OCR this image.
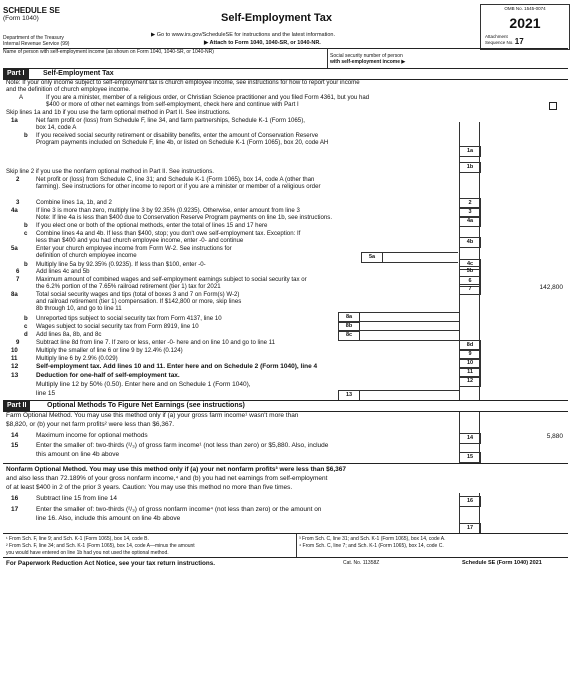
SCHEDULE SE
(Form 1040)
Department of the Treasury
Internal Revenue Service (99)
Self-Employment Tax
▶ Go to www.irs.gov/ScheduleSE for instructions and the latest information.
▶ Attach to Form 1040, 1040-SR, or 1040-NR.
OMB No. 1545-0074
2021
Attachment
Sequence No. 17
Name of person with self-employment income (as shown on Form 1040, 1040-SR, or 1040-NR)
Social security number of person
with self-employment income ▶
Part I	Self-Employment Tax
Note: If your only income subject to self-employment tax is church employee income, see instructions for how to report your income
and the definition of church employee income.
A	If you are a minister, member of a religious order, or Christian Science practitioner and you filed Form 4361, but you had
$400 or more of other net earnings from self-employment, check here and continue with Part I
Skip lines 1a and 1b if you use the farm optional method in Part II. See instructions.
1a	Net farm profit or (loss) from Schedule F, line 34, and farm partnerships, Schedule K-1 (Form 1065),
box 14, code A
1a
b If you received social security retirement or disability benefits, enter the amount of Conservation Reserve
Program payments included on Schedule F, line 4b, or listed on Schedule K-1 (Form 1065), box 20, code AH
1b
Skip line 2 if you use the nonfarm optional method in Part II. See instructions.
2	Net profit or (loss) from Schedule C, line 31; and Schedule K-1 (Form 1065), box 14, code A (other than
farming). See instructions for other income to report or if you are a minister or member of a religious order
2
3	Combine lines 1a, 1b, and 2
3
4a	If line 3 is more than zero, multiply line 3 by 92.35% (0.9235). Otherwise, enter amount from line 3
Note: If line 4a is less than $400 due to Conservation Reserve Program payments on line 1b, see instructions.	4a
b If you elect one or both of the optional methods, enter the total of lines 15 and 17 here
4b
c Combine lines 4a and 4b. If less than $400, stop; you don't owe self-employment tax. Exception: If
less than $400 and you had church employee income, enter -0- and continue
4c
5a	Enter your church employee income from Form W-2. See instructions for
definition of church employee income	5a
b Multiply line 5a by 92.35% (0.9235). If less than $100, enter -0-
5b
6	Add lines 4c and 5b
6
7	Maximum amount of combined wages and self-employment earnings subject to social security tax or
the 6.2% portion of the 7.65% railroad retirement (tier 1) tax for 2021	7	142,800
8a	Total social security wages and tips (total of boxes 3 and 7 on Form(s) W-2)
and railroad retirement (tier 1) compensation. If $142,800 or more, skip lines
8b through 10, and go to line 11
8a
b Unreported tips subject to social security tax from Form 4137, line 10
8b
c Wages subject to social security tax from Form 8919, line 10
8c
d Add lines 8a, 8b, and 8c
8d
9	Subtract line 8d from line 7. If zero or less, enter -0- here and on line 10 and go to line 11
9
10	Multiply the smaller of line 6 or line 9 by 12.4% (0.124)
10
11	Multiply line 6 by 2.9% (0.029)
11
12	Self-employment tax. Add lines 10 and 11. Enter here and on Schedule 2 (Form 1040), line 4
12
13	Deduction for one-half of self-employment tax.
Multiply line 12 by 50% (0.50). Enter here and on Schedule 1 (Form 1040),
line 15	13
Part II	Optional Methods To Figure Net Earnings (see instructions)
Farm Optional Method. You may use this method only if (a) your gross farm income¹ wasn't more than
$8,820, or (b) your net farm profits² were less than $6,367.
14	Maximum income for optional methods	14	5,880
15	Enter the smaller of: two-thirds (²/₃) of gross farm income¹ (not less than zero) or $5,880. Also, include
this amount on line 4b above	15
Nonfarm Optional Method. You may use this method only if (a) your net nonfarm profits³ were less than $6,367
and also less than 72.189% of your gross nonfarm income,⁴ and (b) you had net earnings from self-employment
of at least $400 in 2 of the prior 3 years. Caution: You may use this method no more than five times.
16	Subtract line 15 from line 14	16
17	Enter the smaller of: two-thirds (²/₃) of gross nonfarm income⁴ (not less than zero) or the amount on
line 16. Also, include this amount on line 4b above
17
¹ From Sch. F, line 9; and Sch. K-1 (Form 1065), box 14, code B.
² From Sch. F, line 34; and Sch. K-1 (Form 1065), box 14, code A—minus the amount
you would have entered on line 1b had you not used the optional method.
³ From Sch. C, line 31; and Sch. K-1 (Form 1065), box 14, code A.
⁴ From Sch. C, line 7; and Sch. K-1 (Form 1065), box 14, code C.
For Paperwork Reduction Act Notice, see your tax return instructions.	Cat. No. 11358Z	Schedule SE (Form 1040) 2021
